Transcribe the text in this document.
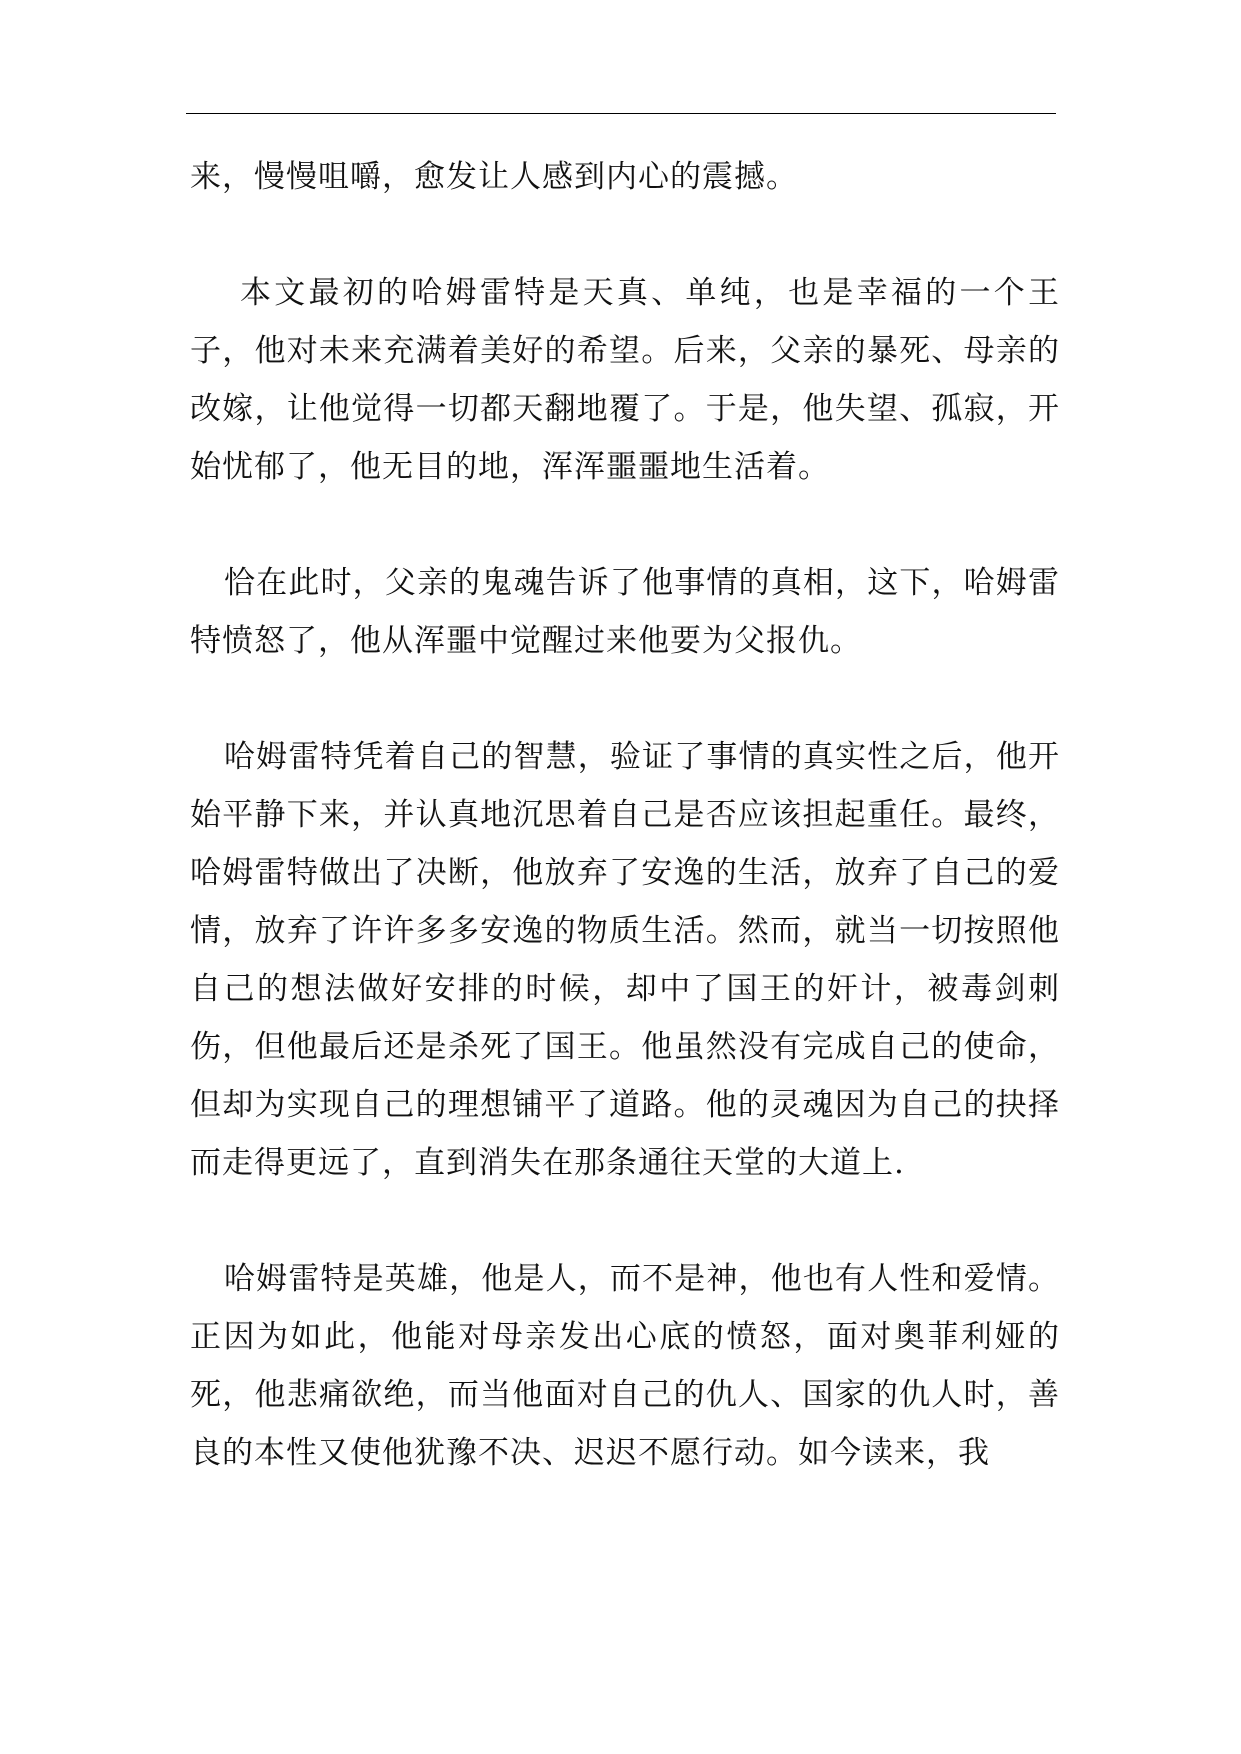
来，慢慢咀嚼，愈发让人感到内心的震撼。

本文最初的哈姆雷特是天真、单纯，也是幸福的一个王子，他对未来充满着美好的希望。后来，父亲的暴死、母亲的改嫁，让他觉得一切都天翻地覆了。于是，他失望、孤寂，开始忧郁了，他无目的地，浑浑噩噩地生活着。

恰在此时，父亲的鬼魂告诉了他事情的真相，这下，哈姆雷特愤怒了，他从浑噩中觉醒过来他要为父报仇。

哈姆雷特凭着自己的智慧，验证了事情的真实性之后，他开始平静下来，并认真地沉思着自己是否应该担起重任。最终，哈姆雷特做出了决断，他放弃了安逸的生活，放弃了自己的爱情，放弃了许许多多安逸的物质生活。然而，就当一切按照他自己的想法做好安排的时候，却中了国王的奸计，被毒剑刺伤，但他最后还是杀死了国王。他虽然没有完成自己的使命，但却为实现自己的理想铺平了道路。他的灵魂因为自己的抉择而走得更远了，直到消失在那条通往天堂的大道上.

哈姆雷特是英雄，他是人，而不是神，他也有人性和爱情。正因为如此，他能对母亲发出心底的愤怒，面对奥菲利娅的死，他悲痛欲绝，而当他面对自己的仇人、国家的仇人时，善良的本性又使他犹豫不决、迟迟不愿行动。如今读来，我
